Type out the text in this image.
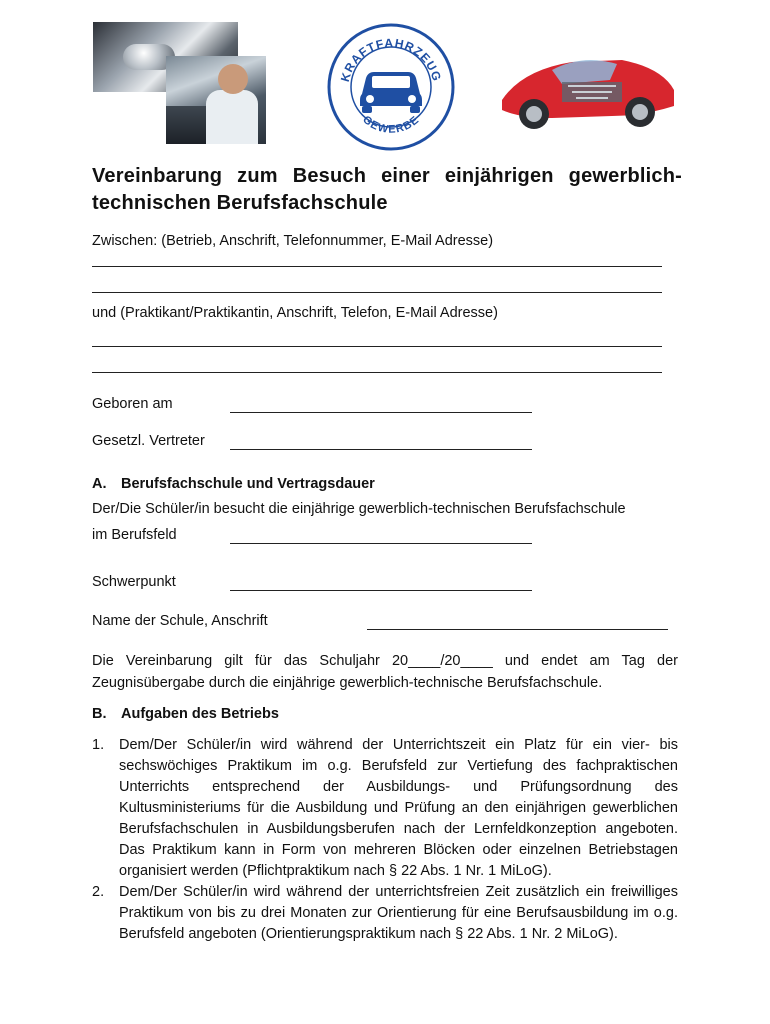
KRAFTFAHRZEUG
GEWERBE
Vereinbarung zum Besuch einer einjährigen gewerblich-technischen Berufsfachschule

Zwischen: (Betrieb, Anschrift, Telefonnummer, E-Mail Adresse)

und (Praktikant/Praktikantin, Anschrift, Telefon, E-Mail Adresse)

Geboren am
Gesetzl. Vertreter

A. Berufsfachschule und Vertragsdauer

Der/Die Schüler/in besucht die einjährige gewerblich-technischen Berufsfachschule

im Berufsfeld
Schwerpunkt
Name der Schule, Anschrift

Die Vereinbarung gilt für das Schuljahr 20____/20____ und endet am Tag der Zeugnisübergabe durch die einjährige gewerblich-technische Berufsfachschule.

B. Aufgaben des Betriebs

1. Dem/Der Schüler/in wird während der Unterrichtszeit ein Platz für ein vier- bis sechswöchiges Praktikum im o.g. Berufsfeld zur Vertiefung des fachpraktischen Unterrichts entsprechend der Ausbildungs- und Prüfungsordnung des Kultusministeriums für die Ausbildung und Prüfung an den einjährigen gewerblichen Berufsfachschulen in Ausbildungsberufen nach der Lernfeldkonzeption angeboten. Das Praktikum kann in Form von mehreren Blöcken oder einzelnen Betriebstagen organisiert werden (Pflichtpraktikum nach § 22 Abs. 1 Nr. 1 MiLoG).
2. Dem/Der Schüler/in wird während der unterrichtsfreien Zeit zusätzlich ein freiwilliges Praktikum von bis zu drei Monaten zur Orientierung für eine Berufsausbildung im o.g. Berufsfeld angeboten (Orientierungspraktikum nach § 22 Abs. 1 Nr. 2 MiLoG).
